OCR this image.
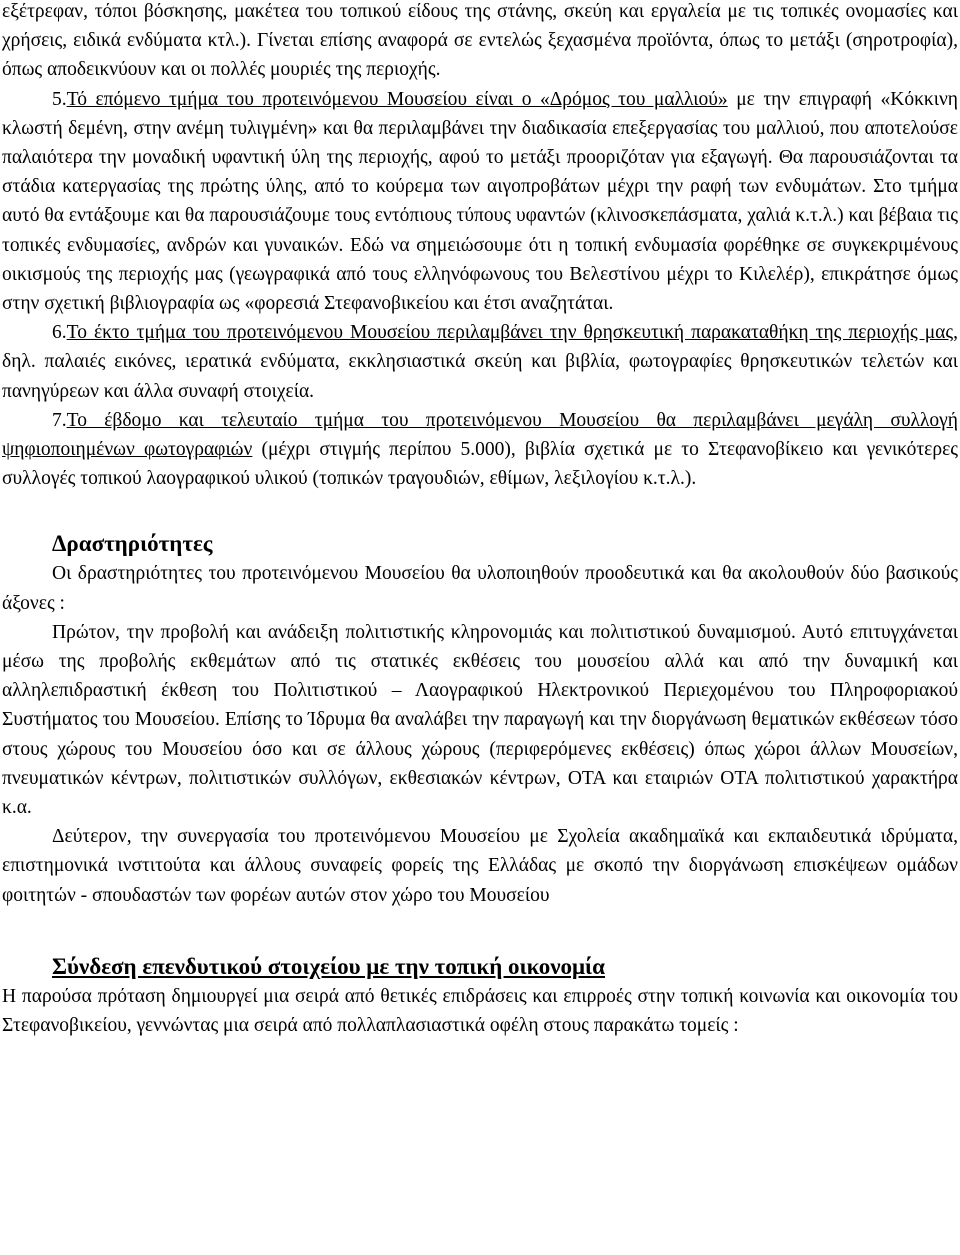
εξέτρεφαν, τόποι βόσκησης, μακέτεα του τοπικού είδους της στάνης, σκεύη και εργαλεία με τις τοπικές ονομασίες και χρήσεις, ειδικά ενδύματα κτλ.). Γίνεται επίσης αναφορά σε εντελώς ξεχασμένα προϊόντα, όπως το μετάξι (σηροτροφία), όπως αποδεικνύουν και οι πολλές μουριές της περιοχής.

5.Τό επόμενο τμήμα του προτεινόμενου Μουσείου είναι ο «Δρόμος του μαλλιού» με την επιγραφή «Κόκκινη κλωστή δεμένη, στην ανέμη τυλιγμένη» και θα περιλαμβάνει την διαδικασία επεξεργασίας του μαλλιού, που αποτελούσε παλαιότερα την μοναδική υφαντική ύλη της περιοχής, αφού το μετάξι προοριζόταν για εξαγωγή. Θα παρουσιάζονται τα στάδια κατεργασίας της πρώτης ύλης, από το κούρεμα των αιγοπροβάτων μέχρι την ραφή των ενδυμάτων. Στο τμήμα αυτό θα εντάξουμε και θα παρουσιάζουμε τους εντόπιους τύπους υφαντών (κλινοσκεπάσματα, χαλιά κ.τ.λ.) και βέβαια τις τοπικές ενδυμασίες, ανδρών και γυναικών. Εδώ να σημειώσουμε ότι η τοπική ενδυμασία φορέθηκε σε συγκεκριμένους οικισμούς της περιοχής μας (γεωγραφικά από τους ελληνόφωνους του Βελεστίνου μέχρι το Κιλελέρ), επικράτησε όμως στην σχετική βιβλιογραφία ως «φορεσιά Στεφανοβικείου και έτσι αναζητάται.

6.Το έκτο τμήμα του προτεινόμενου Μουσείου περιλαμβάνει την θρησκευτική παρακαταθήκη της περιοχής μας, δηλ. παλαιές εικόνες, ιερατικά ενδύματα, εκκλησιαστικά σκεύη και βιβλία, φωτογραφίες θρησκευτικών τελετών και πανηγύρεων και άλλα συναφή στοιχεία.

7.Το έβδομο και τελευταίο τμήμα του προτεινόμενου Μουσείου θα περιλαμβάνει μεγάλη συλλογή ψηφιοποιημένων φωτογραφιών (μέχρι στιγμής περίπου 5.000), βιβλία σχετικά με το Στεφανοβίκειο και γενικότερες συλλογές τοπικού λαογραφικού υλικού (τοπικών τραγουδιών, εθίμων, λεξιλογίου κ.τ.λ.).

Δραστηριότητες

Οι δραστηριότητες του προτεινόμενου Μουσείου θα υλοποιηθούν προοδευτικά και θα ακολουθούν δύο βασικούς άξονες :

Πρώτον, την προβολή και ανάδειξη πολιτιστικής κληρονομιάς και πολιτιστικού δυναμισμού. Αυτό επιτυγχάνεται μέσω της προβολής εκθεμάτων από τις στατικές εκθέσεις του μουσείου αλλά και από την δυναμική και αλληλεπιδραστική έκθεση του Πολιτιστικού – Λαογραφικού Ηλεκτρονικού Περιεχομένου του Πληροφοριακού Συστήματος του Μουσείου. Επίσης το Ίδρυμα θα αναλάβει την παραγωγή και την διοργάνωση θεματικών εκθέσεων τόσο στους χώρους του Μουσείου όσο και σε άλλους χώρους (περιφερόμενες εκθέσεις) όπως χώροι άλλων Μουσείων, πνευματικών κέντρων, πολιτιστικών συλλόγων, εκθεσιακών κέντρων, ΟΤΑ και εταιριών ΟΤΑ πολιτιστικού χαρακτήρα κ.α.

Δεύτερον, την συνεργασία του προτεινόμενου Μουσείου με Σχολεία ακαδημαϊκά και εκπαιδευτικά ιδρύματα, επιστημονικά ινστιτούτα και άλλους συναφείς φορείς της Ελλάδας με σκοπό την διοργάνωση επισκέψεων ομάδων φοιτητών - σπουδαστών των φορέων αυτών στον χώρο του Μουσείου

Σύνδεση επενδυτικού στοιχείου με την τοπική οικονομία

Η παρούσα πρόταση δημιουργεί μια σειρά από θετικές επιδράσεις και επιρροές στην τοπική κοινωνία και οικονομία του Στεφανοβικείου, γεννώντας μια σειρά από πολλαπλασιαστικά οφέλη στους παρακάτω τομείς :
